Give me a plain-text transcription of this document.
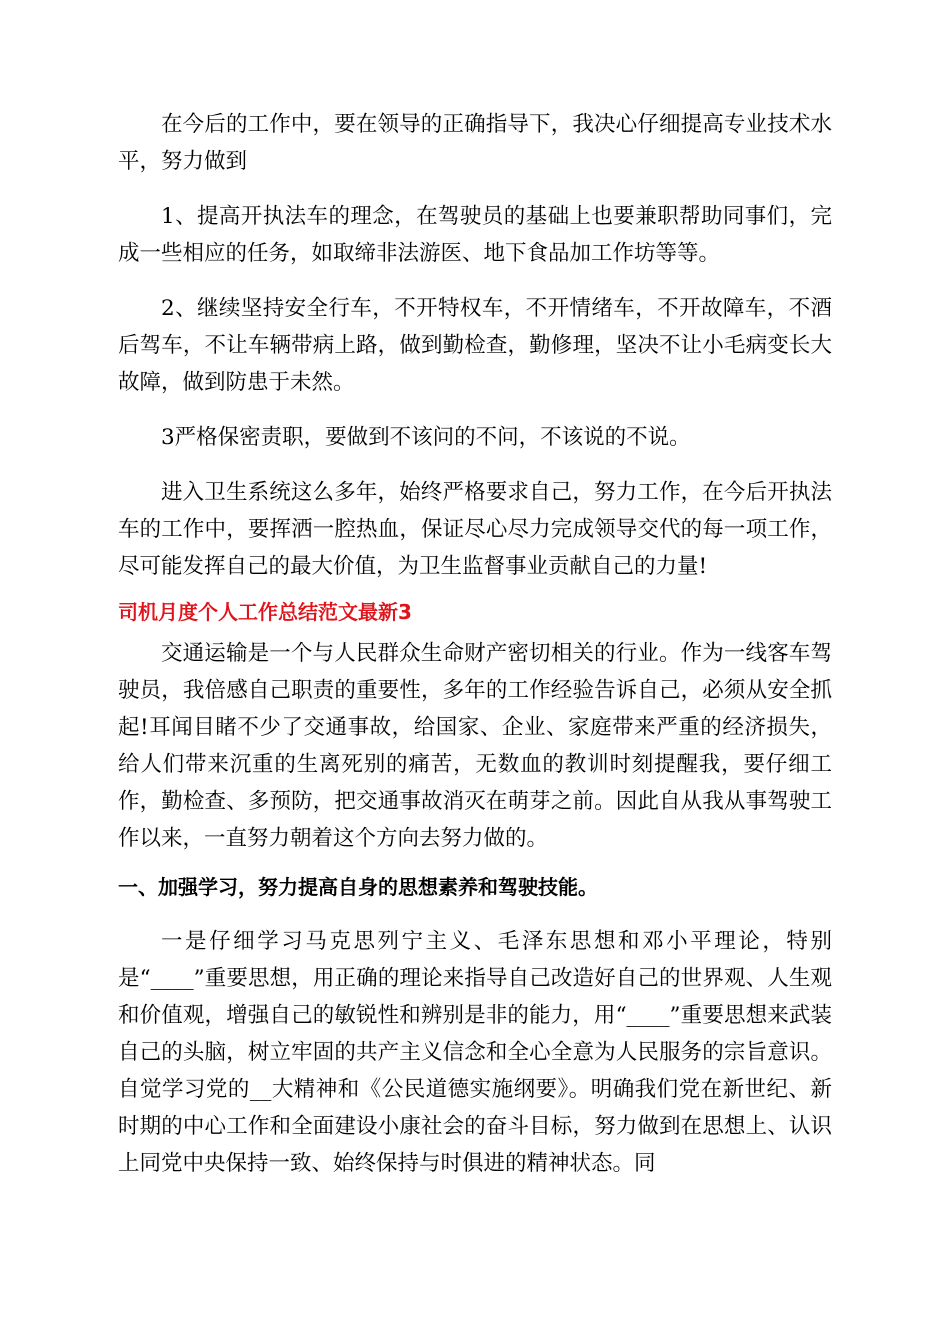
在今后的工作中，要在领导的正确指导下，我决心仔细提高专业技术水平，努力做到

1、提高开执法车的理念，在驾驶员的基础上也要兼职帮助同事们，完成一些相应的任务，如取缔非法游医、地下食品加工作坊等等。

2、继续坚持安全行车，不开特权车，不开情绪车，不开故障车，不酒后驾车，不让车辆带病上路，做到勤检查，勤修理，坚决不让小毛病变长大故障，做到防患于未然。

3严格保密责职，要做到不该问的不问，不该说的不说。

进入卫生系统这么多年，始终严格要求自己，努力工作，在今后开执法车的工作中，要挥洒一腔热血，保证尽心尽力完成领导交代的每一项工作，尽可能发挥自己的最大价值，为卫生监督事业贡献自己的力量!

司机月度个人工作总结范文最新3

交通运输是一个与人民群众生命财产密切相关的行业。作为一线客车驾驶员，我倍感自己职责的重要性，多年的工作经验告诉自己，必须从安全抓起!耳闻目睹不少了交通事故，给国家、企业、家庭带来严重的经济损失，给人们带来沉重的生离死别的痛苦，无数血的教训时刻提醒我，要仔细工作，勤检查、多预防，把交通事故消灭在萌芽之前。因此自从我从事驾驶工作以来，一直努力朝着这个方向去努力做的。

一、加强学习，努力提高自身的思想素养和驾驶技能。

一是仔细学习马克思列宁主义、毛泽东思想和邓小平理论，特别是“____”重要思想，用正确的理论来指导自己改造好自己的世界观、人生观和价值观，增强自己的敏锐性和辨别是非的能力，用“____”重要思想来武装自己的头脑，树立牢固的共产主义信念和全心全意为人民服务的宗旨意识。自觉学习党的__大精神和《公民道德实施纲要》。明确我们党在新世纪、新时期的中心工作和全面建设小康社会的奋斗目标，努力做到在思想上、认识上同党中央保持一致、始终保持与时俱进的精神状态。同
